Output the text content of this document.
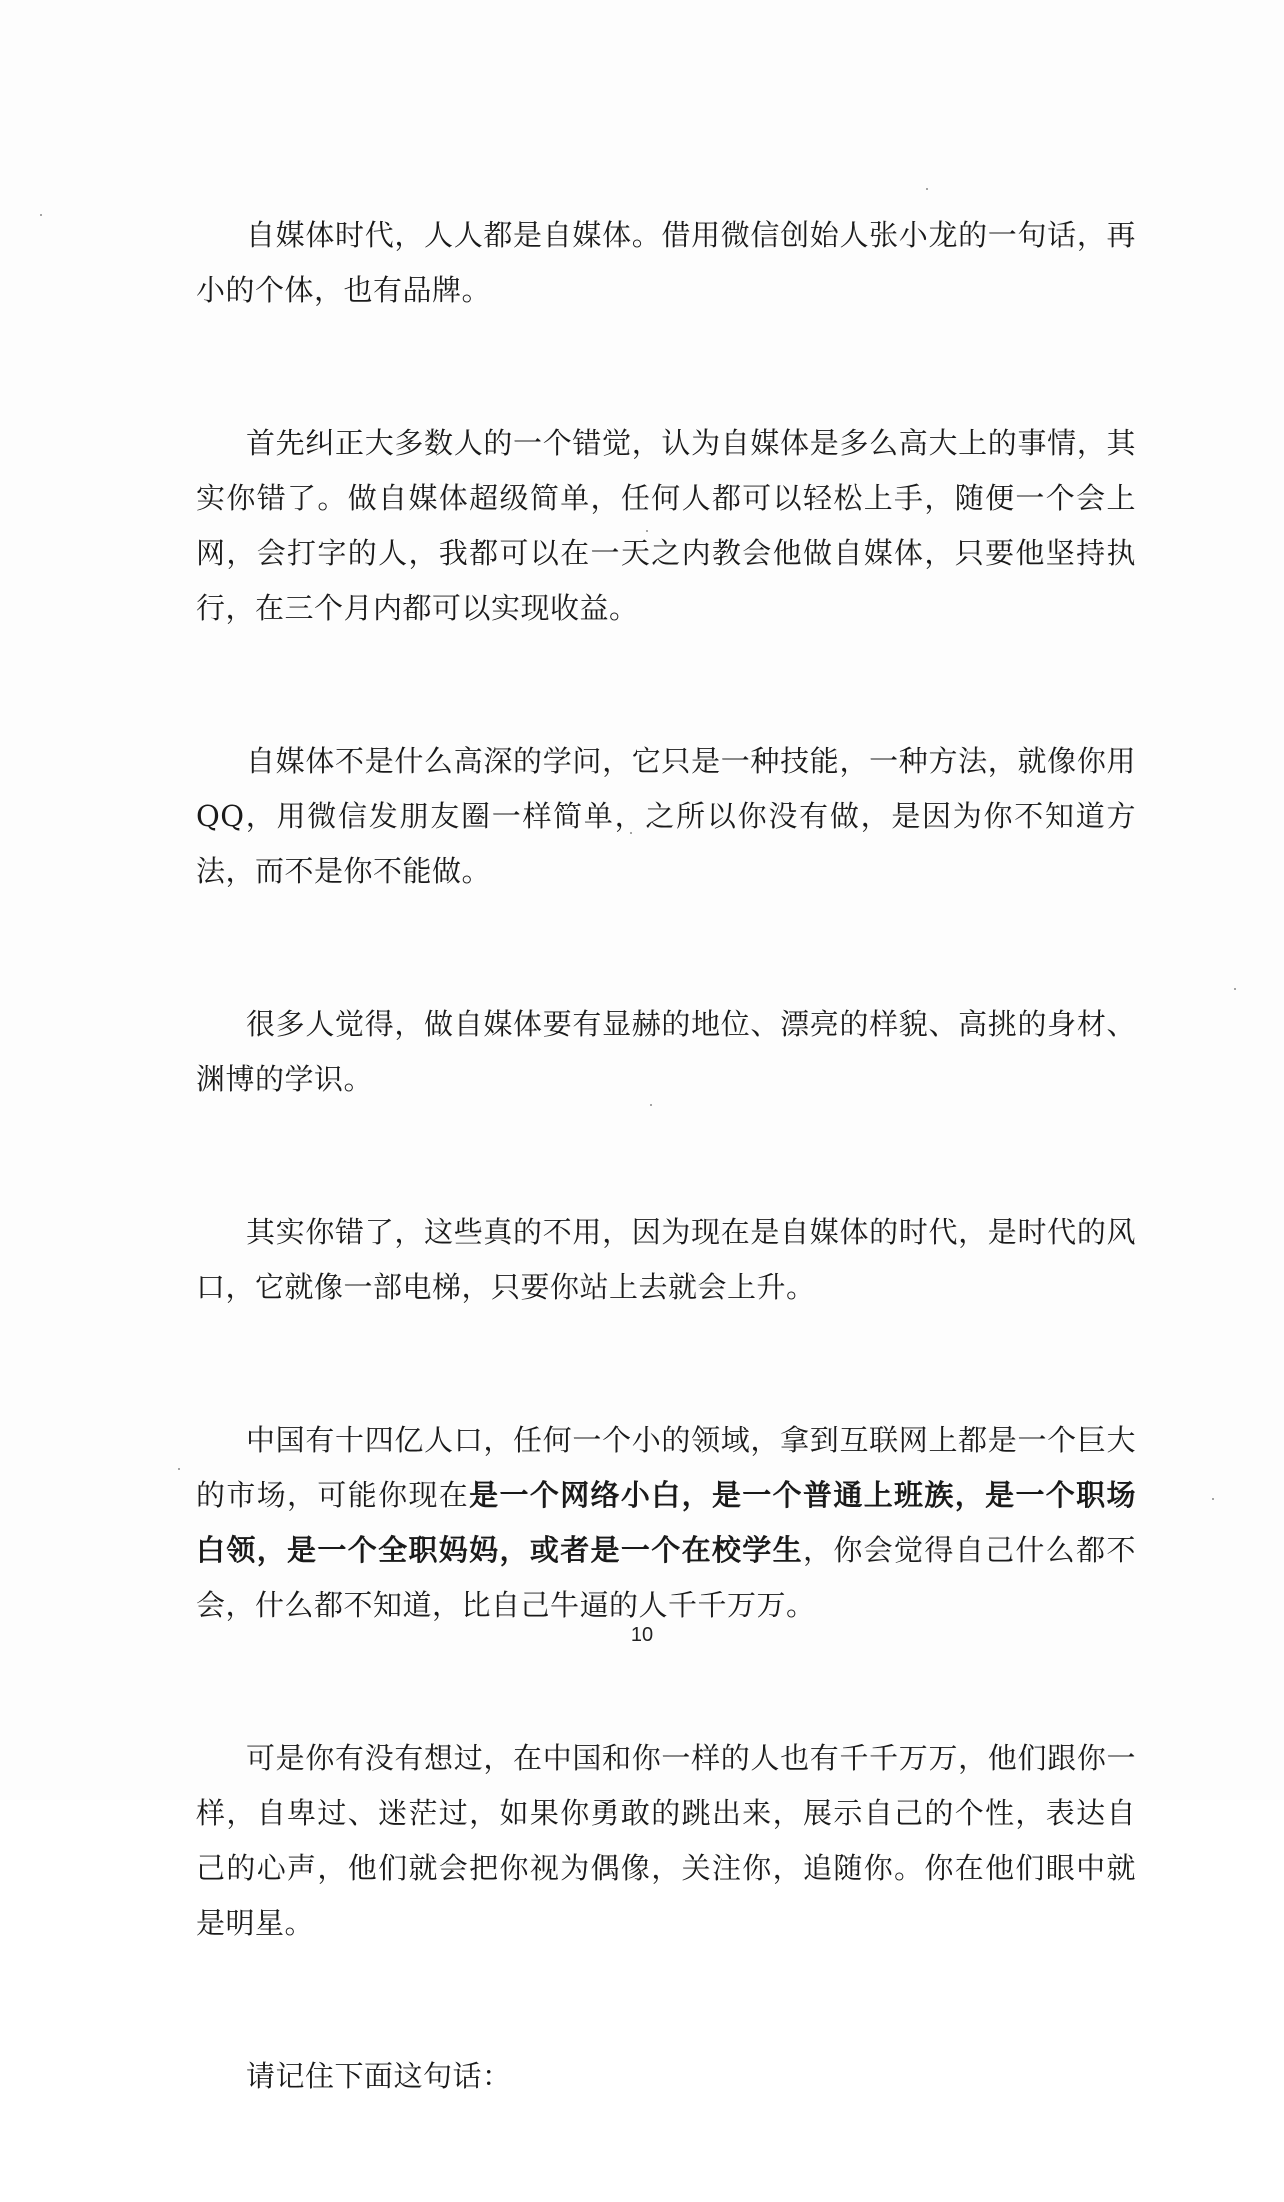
自媒体时代，人人都是自媒体。借用微信创始人张小龙的一句话，再小的个体，也有品牌。

首先纠正大多数人的一个错觉，认为自媒体是多么高大上的事情，其实你错了。做自媒体超级简单，任何人都可以轻松上手，随便一个会上网，会打字的人，我都可以在一天之内教会他做自媒体，只要他坚持执行，在三个月内都可以实现收益。

自媒体不是什么高深的学问，它只是一种技能，一种方法，就像你用QQ，用微信发朋友圈一样简单，之所以你没有做，是因为你不知道方法，而不是你不能做。

很多人觉得，做自媒体要有显赫的地位、漂亮的样貌、高挑的身材、渊博的学识。

其实你错了，这些真的不用，因为现在是自媒体的时代，是时代的风口，它就像一部电梯，只要你站上去就会上升。

中国有十四亿人口，任何一个小的领域，拿到互联网上都是一个巨大的市场，可能你现在是一个网络小白，是一个普通上班族，是一个职场白领，是一个全职妈妈，或者是一个在校学生，你会觉得自己什么都不会，什么都不知道，比自己牛逼的人千千万万。

可是你有没有想过，在中国和你一样的人也有千千万万，他们跟你一样，自卑过、迷茫过，如果你勇敢的跳出来，展示自己的个性，表达自己的心声，他们就会把你视为偶像，关注你，追随你。你在他们眼中就是明星。

请记住下面这句话：

10
